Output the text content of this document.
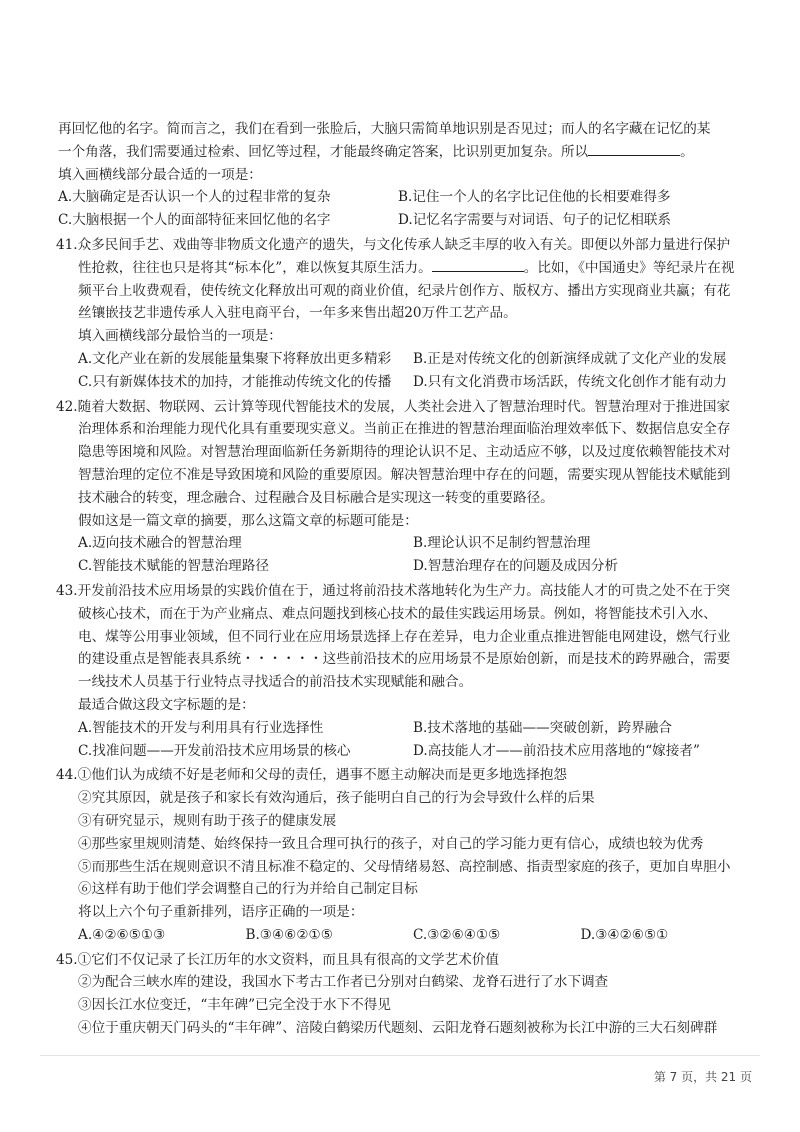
再回忆他的名字。简而言之，我们在看到一张脸后，大脑只需简单地识别是否见过；而人的名字藏在记忆的某
一个角落，我们需要通过检索、回忆等过程，才能最终确定答案，比识别更加复杂。所以	。
填入画横线部分最合适的一项是：
A.大脑确定是否认识一个人的过程非常的复杂	B.记住一个人的名字比记住他的长相要难得多
C.大脑根据一个人的面部特征来回忆他的名字	D.记忆名字需要与对词语、句子的记忆相联系
41.众多民间手艺、戏曲等非物质文化遗产的遗失，与文化传承人缺乏丰厚的收入有关。即便以外部力量进行保护
性抢救，往往也只是将其“标本化”，难以恢复其原生活力。	。比如，《中国通史》等纪录片在视
频平台上收费观看，使传统文化释放出可观的商业价值，纪录片创作方、版权方、播出方实现商业共赢；有花
丝镶嵌技艺非遗传承人入驻电商平台，一年多来售出超20万件工艺产品。
填入画横线部分最恰当的一项是：
A.文化产业在新的发展能量集聚下将释放出更多精彩	B.正是对传统文化的创新演绎成就了文化产业的发展
C.只有新媒体技术的加持，才能推动传统文化的传播	D.只有文化消费市场活跃，传统文化创作才能有动力
42.随着大数据、物联网、云计算等现代智能技术的发展，人类社会进入了智慧治理时代。智慧治理对于推进国家
治理体系和治理能力现代化具有重要现实意义。当前正在推进的智慧治理面临治理效率低下、数据信息安全存
隐患等困境和风险。对智慧治理面临新任务新期待的理论认识不足、主动适应不够，以及过度依赖智能技术对
智慧治理的定位不准是导致困境和风险的重要原因。解决智慧治理中存在的问题，需要实现从智能技术赋能到
技术融合的转变，理念融合、过程融合及目标融合是实现这一转变的重要路径。
假如这是一篇文章的摘要，那么这篇文章的标题可能是：
A.迈向技术融合的智慧治理	B.理论认识不足制约智慧治理
C.智能技术赋能的智慧治理路径	D.智慧治理存在的问题及成因分析
43.开发前沿技术应用场景的实践价值在于，通过将前沿技术落地转化为生产力。高技能人才的可贵之处不在于突
破核心技术，而在于为产业痛点、难点问题找到核心技术的最佳实践运用场景。例如，将智能技术引入水、
电、煤等公用事业领域，但不同行业在应用场景选择上存在差异，电力企业重点推进智能电网建设，燃气行业
的建设重点是智能表具系统・・・・・・这些前沿技术的应用场景不是原始创新，而是技术的跨界融合，需要
一线技术人员基于行业特点寻找适合的前沿技术实现赋能和融合。
最适合做这段文字标题的是：
A.智能技术的开发与利用具有行业选择性	B.技术落地的基础——突破创新，跨界融合
C.找准问题——开发前沿技术应用场景的核心	D.高技能人才——前沿技术应用落地的“嫁接者”
44.①他们认为成绩不好是老师和父母的责任，遇事不愿主动解决而是更多地选择抱怨
②究其原因，就是孩子和家长有效沟通后，孩子能明白自己的行为会导致什么样的后果
③有研究显示，规则有助于孩子的健康发展
④那些家里规则清楚、始终保持一致且合理可执行的孩子，对自己的学习能力更有信心，成绩也较为优秀
⑤而那些生活在规则意识不清且标准不稳定的、父母情绪易怒、高控制感、指责型家庭的孩子，更加自卑胆小
⑥这样有助于他们学会调整自己的行为并给自己制定目标
将以上六个句子重新排列，语序正确的一项是：
A.④②⑥⑤①③	B.③④⑥②①⑤	C.③②⑥④①⑤	D.③④②⑥⑤①
45.①它们不仅记录了长江历年的水文资料，而且具有很高的文学艺术价值
②为配合三峡水库的建设，我国水下考古工作者已分别对白鹤梁、龙脊石进行了水下调查
③因长江水位变迁，“丰年碑”已完全没于水下不得见
④位于重庆朝天门码头的“丰年碑”、涪陵白鹤梁历代题刻、云阳龙脊石题刻被称为长江中游的三大石刻碑群
第 7 页，共 21 页
